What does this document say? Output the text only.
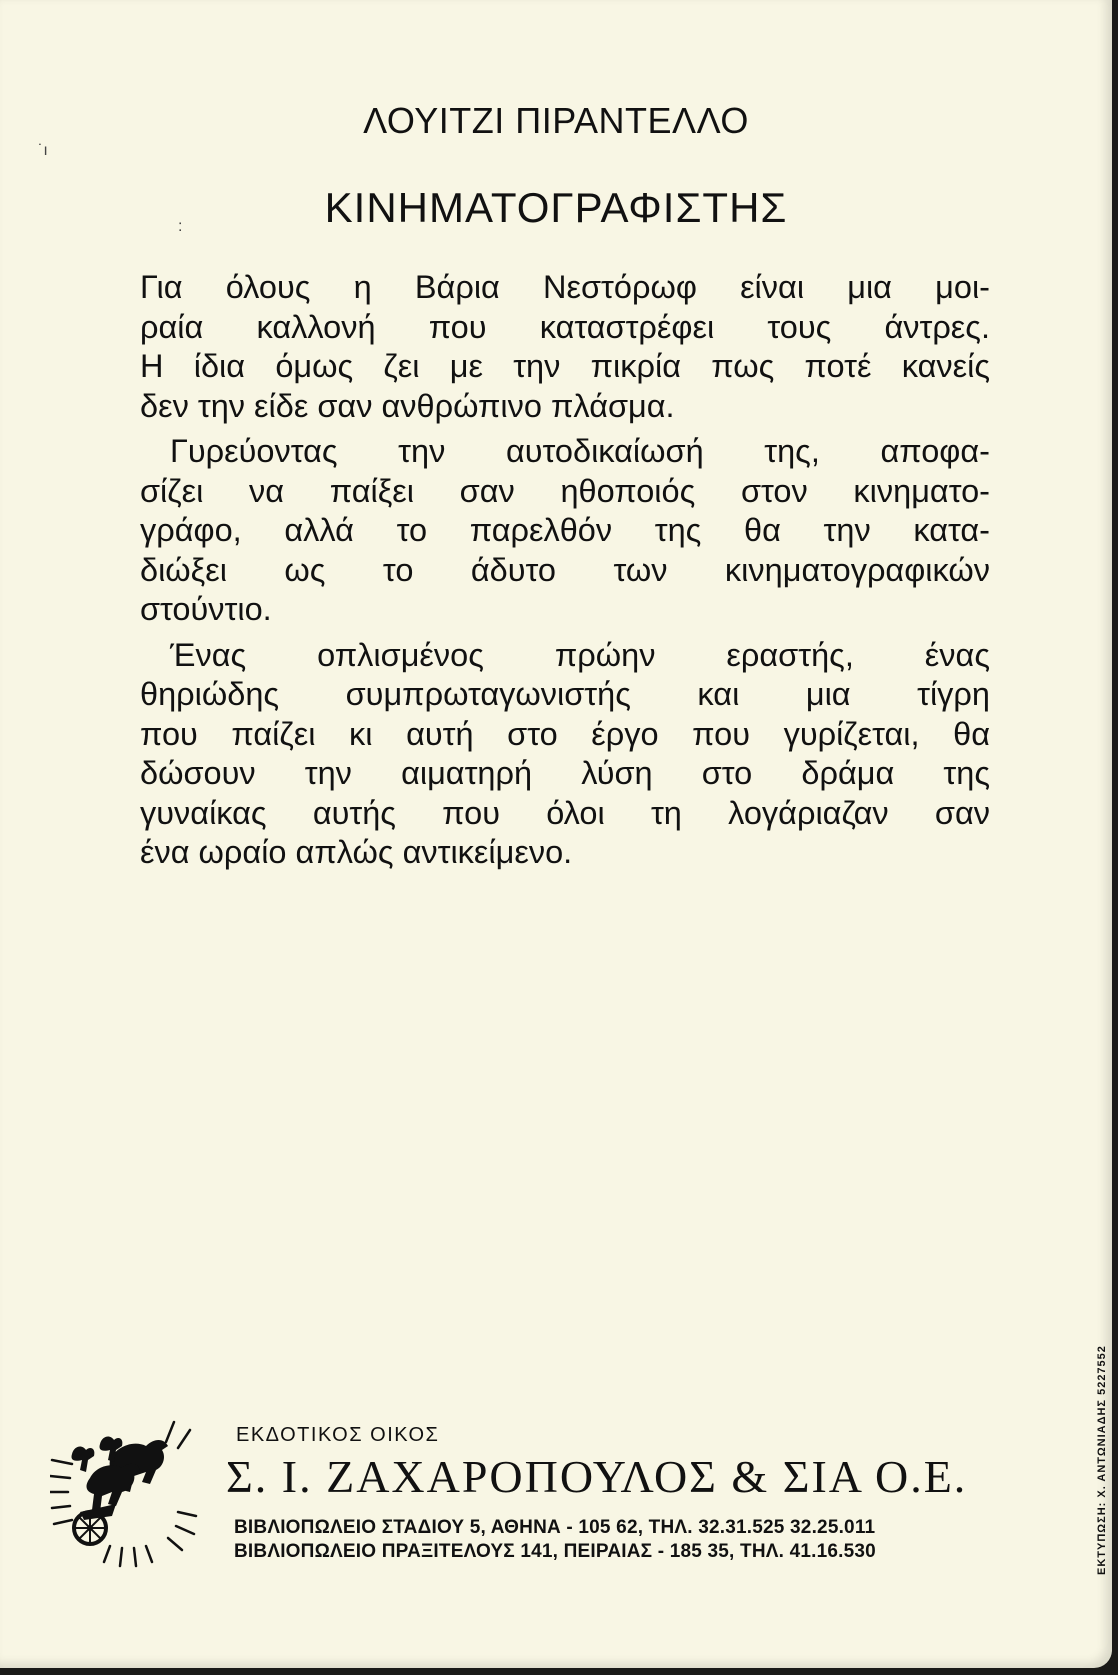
˙ı
:
ΛΟΥΙΤΖΙ ΠΙΡΑΝΤΕΛΛΟ
ΚΙΝΗΜΑΤΟΓΡΑΦΙΣΤΗΣ
Για όλους η Βάρια Νεστόρωφ είναι μια μοι-
ραία καλλονή που καταστρέφει τους άντρες.
Η ίδια όμως ζει με την πικρία πως ποτέ κανείς
δεν την είδε σαν ανθρώπινο πλάσμα.
Γυρεύοντας την αυτοδικαίωσή της, αποφα-
σίζει να παίξει σαν ηθοποιός στον κινηματο-
γράφο, αλλά το παρελθόν της θα την κατα-
διώξει ως το άδυτο των κινηματογραφικών
στούντιο.
Ένας οπλισμένος πρώην εραστής, ένας
θηριώδης συμπρωταγωνιστής και μια τίγρη
που παίζει κι αυτή στο έργο που γυρίζεται, θα
δώσουν την αιματηρή λύση στο δράμα της
γυναίκας αυτής που όλοι τη λογάριαζαν σαν
ένα ωραίο απλώς αντικείμενο.
ΕΚΔΟΤΙΚΟΣ ΟΙΚΟΣ
Σ. Ι. ΖΑΧΑΡΟΠΟΥΛΟΣ & ΣΙΑ Ο.Ε.
ΒΙΒΛΙΟΠΩΛΕΙΟ ΣΤΑΔΙΟΥ 5, ΑΘΗΝΑ - 105 62, ΤΗΛ. 32.31.525 32.25.011
ΒΙΒΛΙΟΠΩΛΕΙΟ ΠΡΑΞΙΤΕΛΟΥΣ 141, ΠΕΙΡΑΙΑΣ - 185 35, ΤΗΛ. 41.16.530	ΕΚΤΥΠΩΣΗ: Χ. ΑΝΤΩΝΙΑΔΗΣ 5227552
